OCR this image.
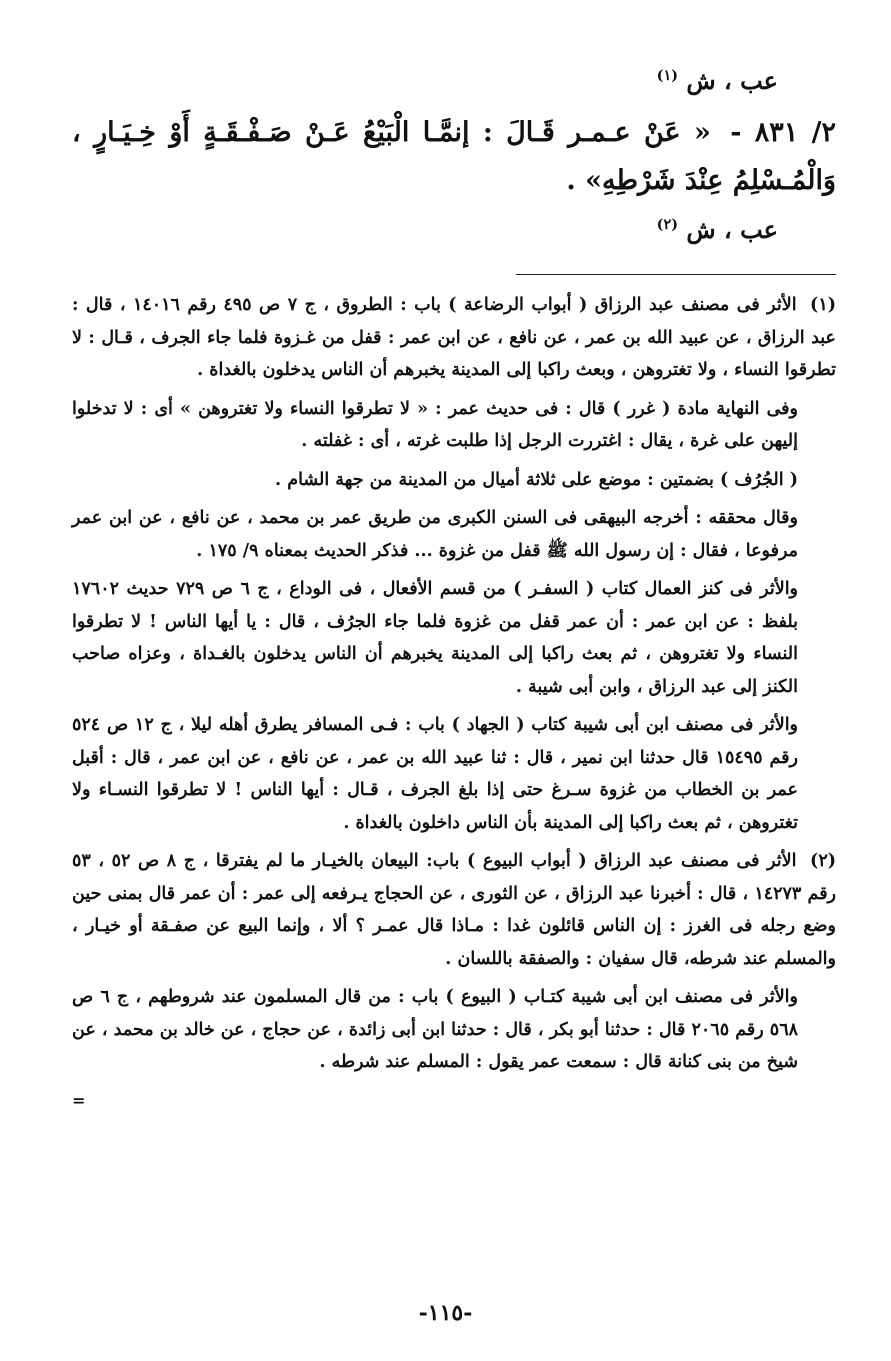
عب ، ش $^{(١)}$

٢/ ٨٣١ - « عَنْ عـمـر قَـالَ : إنمَّـا الْبَيْعُ عَـنْ صَـفْـقَـةٍ أَوْ خِـيَـارٍ ، وَالْمُـسْلِمُ عِنْدَ شَرْطِهِ» .

عب ، ش $^{(٢)}$

(١) الأثر فى مصنف عبد الرزاق ( أبواب الرضاعة ) باب : الطروق ، ج ٧ ص ٤٩٥ رقم ١٤٠١٦ ، قال : عبد الرزاق ، عن عبيد الله بن عمر ، عن نافع ، عن ابن عمر : قفل من غـزوة فلما جاء الجرف ، قـال : لا تطرقوا النساء ، ولا تغتروهن ، وبعث راكبا إلى المدينة يخبرهم أن الناس يدخلون بالغداة .

وفى النهاية مادة ( غرر ) قال : فى حديث عمر : « لا تطرقوا النساء ولا تغتروهن » أى : لا تدخلوا إليهن على غرة ، يقال : اغتررت الرجل إذا طلبت غرته ، أى : غفلته .

( الجُرُف ) بضمتين : موضع على ثلاثة أميال من المدينة من جهة الشام .

وقال محققه : أخرجه البيهقى فى السنن الكبرى من طريق عمر بن محمد ، عن نافع ، عن ابن عمر مرفوعا ، فقال : إن رسول الله ﷺ قفل من غزوة ... فذكر الحديث بمعناه ٩/ ١٧٥ .

والأثر فى كنز العمال كتاب ( السفـر ) من قسم الأفعال ، فى الوداع ، ج ٦ ص ٧٢٩ حديث ١٧٦٠٢ بلفظ : عن ابن عمر : أن عمر قفل من غزوة فلما جاء الجرُف ، قال : يا أيها الناس ! لا تطرقوا النساء ولا تغتروهن ، ثم بعث راكبا إلى المدينة يخبرهم أن الناس يدخلون بالغـداة ، وعزاه صاحب الكنز إلى عبد الرزاق ، وابن أبى شيبة .

والأثر فى مصنف ابن أبى شيبة كتاب ( الجهاد ) باب : فـى المسافر يطرق أهله ليلا ، ج ١٢ ص ٥٢٤ رقم ١٥٤٩٥ قال حدثنا ابن نمير ، قال : ثنا عبيد الله بن عمر ، عن نافع ، عن ابن عمر ، قال : أقبل عمر بن الخطاب من غزوة سـرغ حتى إذا بلغ الجرف ، قـال : أيها الناس ! لا تطرقوا النسـاء ولا تغتروهن ، ثم بعث راكبا إلى المدينة بأن الناس داخلون بالغداة .

(٢) الأثر فى مصنف عبد الرزاق ( أبواب البيوع ) باب: البيعان بالخيـار ما لم يفترقا ، ج ٨ ص ٥٢ ، ٥٣ رقم ١٤٢٧٣ ، قال : أخبرنا عبد الرزاق ، عن الثورى ، عن الحجاج يـرفعه إلى عمر : أن عمر قال بمنى حين وضع رجله فى الغرز : إن الناس قائلون غدا : مـاذا قال عمـر ؟ ألا ، وإنما البيع عن صفـقة أو خيـار ، والمسلم عند شرطه، قال سفيان : والصفقة باللسان .

والأثر فى مصنف ابن أبى شيبة كتـاب ( البيوع ) باب : من قال المسلمون عند شروطهم ، ج ٦ ص ٥٦٨ رقم ٢٠٦٥ قال : حدثنا أبو بكر ، قال : حدثنا ابن أبى زائدة ، عن حجاج ، عن خالد بن محمد ، عن شيخ من بنى كنانة قال : سمعت عمر يقول : المسلم عند شرطه .

=

-١١٥-
